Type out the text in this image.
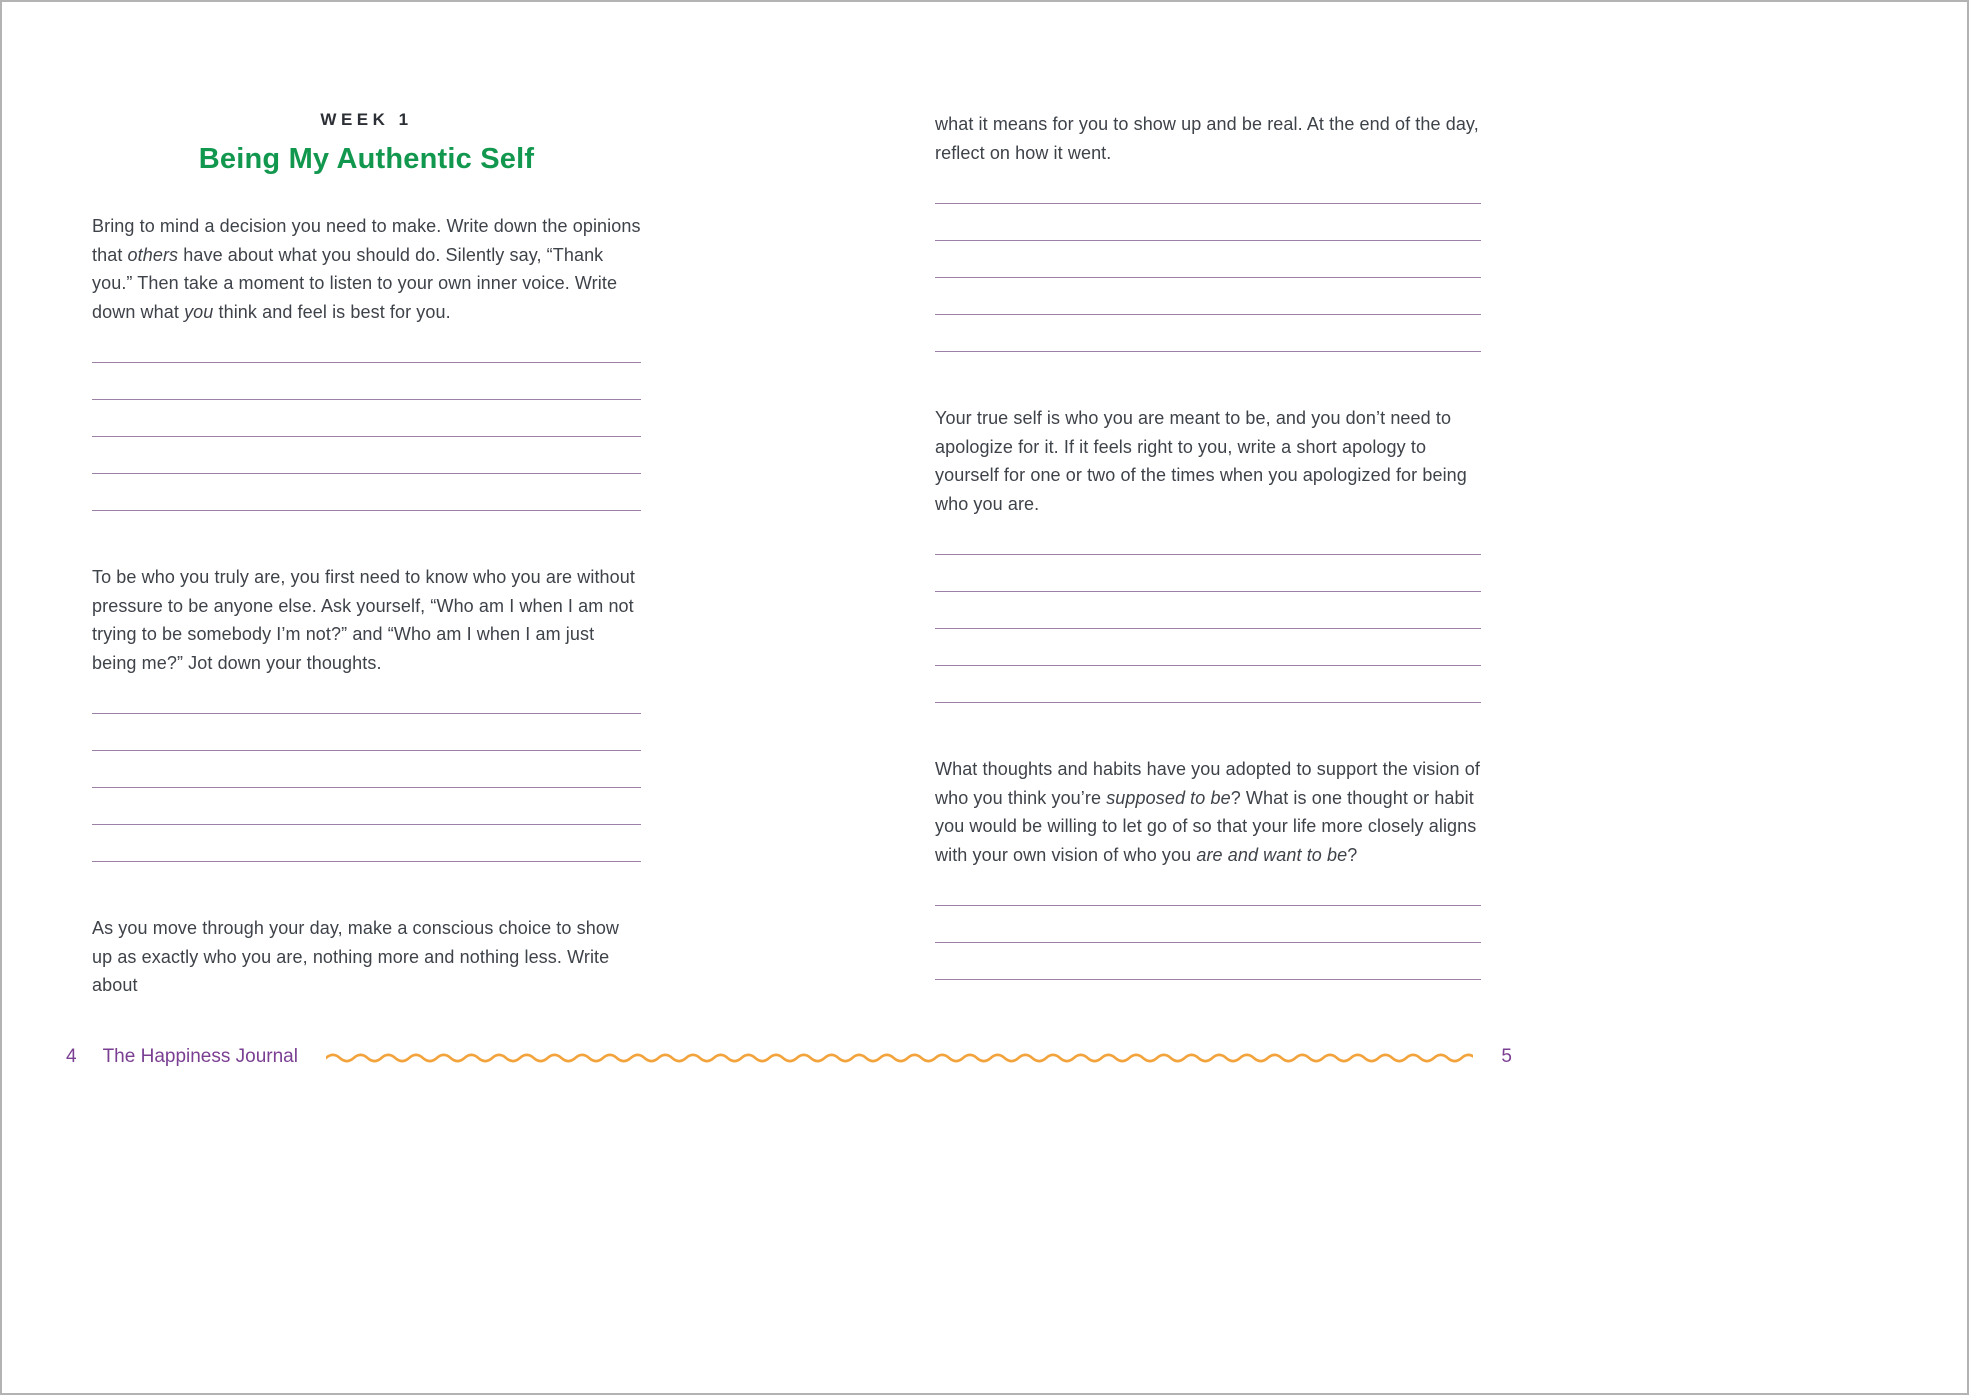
WEEK 1
Being My Authentic Self

Bring to mind a decision you need to make. Write down the opinions that others have about what you should do. Silently say, “Thank you.” Then take a moment to listen to your own inner voice. Write down what you think and feel is best for you.

To be who you truly are, you first need to know who you are without pressure to be anyone else. Ask yourself, “Who am I when I am not trying to be somebody I’m not?” and “Who am I when I am just being me?” Jot down your thoughts.

As you move through your day, make a conscious choice to show up as exactly who you are, nothing more and nothing less. Write about

what it means for you to show up and be real. At the end of the day, reflect on how it went.

Your true self is who you are meant to be, and you don’t need to apologize for it. If it feels right to you, write a short apology to yourself for one or two of the times when you apologized for being who you are.

What thoughts and habits have you adopted to support the vision of who you think you’re supposed to be? What is one thought or habit you would be willing to let go of so that your life more closely aligns with your own vision of who you are and want to be?

4 The Happiness Journal	5
